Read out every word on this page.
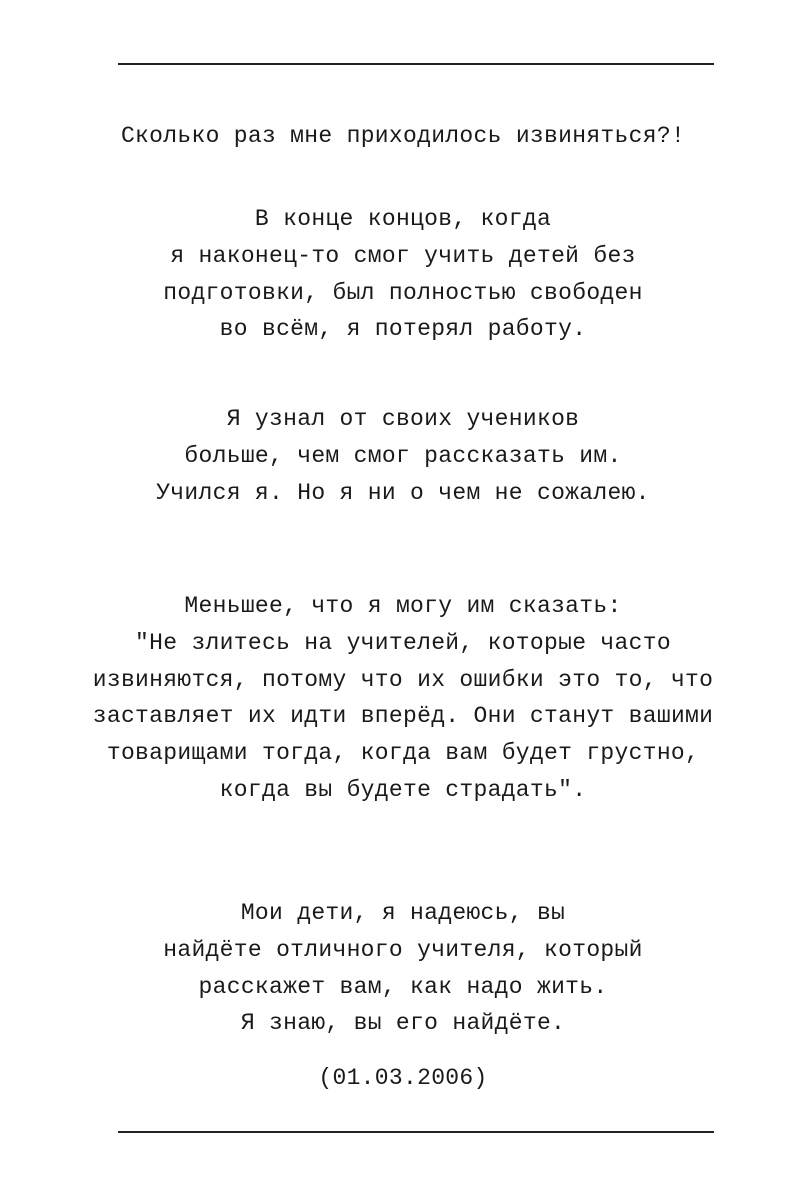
Сколько раз мне приходилось извиняться?!

В конце концов, когда
я наконец-то смог учить детей без
подготовки, был полностью свободен
во всём, я потерял работу.

Я узнал от своих учеников
больше, чем смог рассказать им.
Учился я. Но я ни о чем не сожалею.

Меньшее, что я могу им сказать:
"Не злитесь на учителей, которые часто
извиняются, потому что их ошибки это то, что
заставляет их идти вперёд. Они станут вашими
товарищами тогда, когда вам будет грустно,
когда вы будете страдать".

Мои дети, я надеюсь, вы
найдёте отличного учителя, который
расскажет вам, как надо жить.
Я знаю, вы его найдёте.

(01.03.2006)
